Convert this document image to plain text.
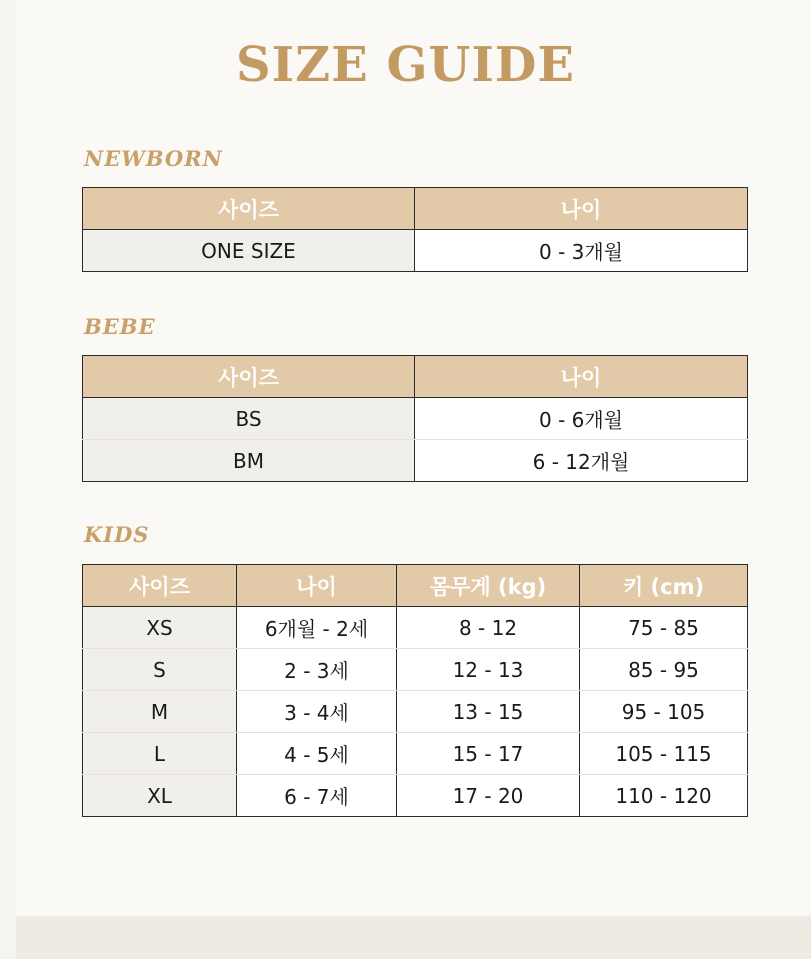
SIZE GUIDE
NEWBORN
사이즈	나이
ONE SIZE	0 - 3개월
BEBE
사이즈	나이
BS	0 - 6개월
BM	6 - 12개월
KIDS
사이즈	나이	몸무게 (kg)	키 (cm)
XS	6개월 - 2세	8 - 12	75 - 85
S	2 - 3세	12 - 13	85 - 95
M	3 - 4세	13 - 15	95 - 105
L	4 - 5세	15 - 17	105 - 115
XL	6 - 7세	17 - 20	110 - 120
